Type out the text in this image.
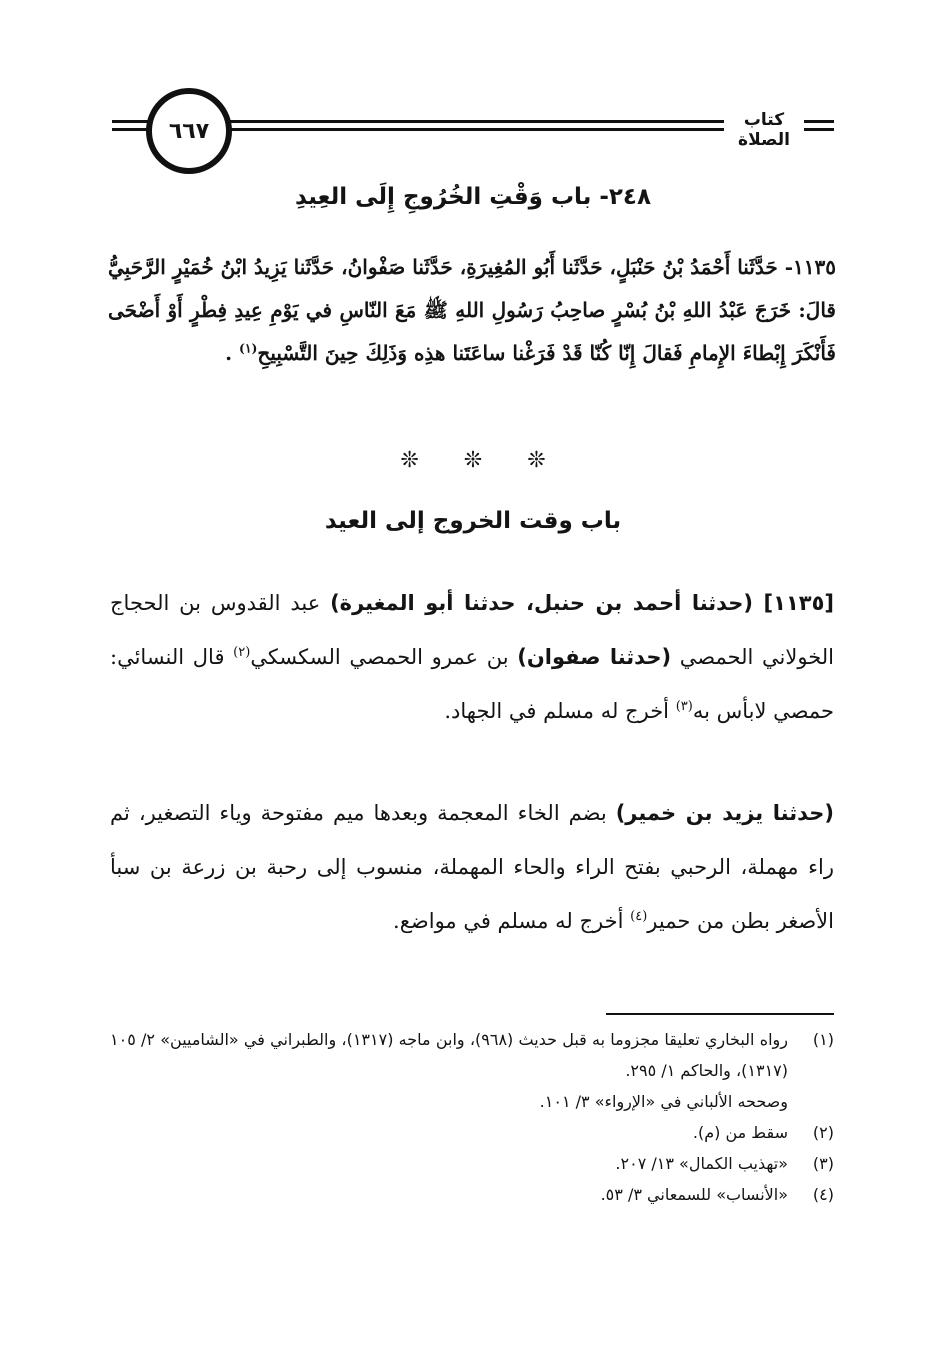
٦٦٧	كتاب الصلاة
٢٤٨- باب وَقْتِ الخُرُوجِ إِلَى العِيدِ
١١٣٥- حَدَّثَنا أَحْمَدُ بْنُ حَنْبَلٍ، حَدَّثَنا أَبُو المُغِيرَةِ، حَدَّثَنا صَفْوانُ، حَدَّثَنا يَزِيدُ ابْنُ خُمَيْرٍ الرَّحَبِيُّ قالَ: خَرَجَ عَبْدُ اللهِ بْنُ بُسْرٍ صاحِبُ رَسُولِ اللهِ ﷺ مَعَ النّاسِ في يَوْمِ عِيدِ فِطْرٍ أَوْ أَضْحَى فَأَنْكَرَ إِبْطاءَ الإِمامِ فَقالَ إِنّا كُنّا قَدْ فَرَغْنا ساعَتَنا هذِه وَذَلِكَ حِينَ التَّسْبِيحِ$^{(١)}$ .
❊ ❊ ❊
باب وقت الخروج إلى العيد
[١١٣٥] (حدثنا أحمد بن حنبل، حدثنا أبو المغيرة) عبد القدوس بن الحجاج الخولاني الحمصي (حدثنا صفوان) بن عمرو الحمصي السكسكي$^{(٢)}$ قال النسائي: حمصي لابأس به$^{(٣)}$ أخرج له مسلم في الجهاد.
(حدثنا يزيد بن خمير) بضم الخاء المعجمة وبعدها ميم مفتوحة وياء التصغير، ثم راء مهملة، الرحبي بفتح الراء والحاء المهملة، منسوب إلى رحبة بن زرعة بن سبأ الأصغر بطن من حمير$^{(٤)}$ أخرج له مسلم في مواضع.
(١)
رواه البخاري تعليقا مجزوما به قبل حديث (٩٦٨)، وابن ماجه (١٣١٧)، والطبراني في «الشاميين» ٢/ ١٠٥ (١٣١٧)، والحاكم ١/ ٢٩٥.
وصححه الألباني في «الإرواء» ٣/ ١٠١.
(٢)
سقط من (م).
(٣)
«تهذيب الكمال» ١٣/ ٢٠٧.
(٤)
«الأنساب» للسمعاني ٣/ ٥٣.
